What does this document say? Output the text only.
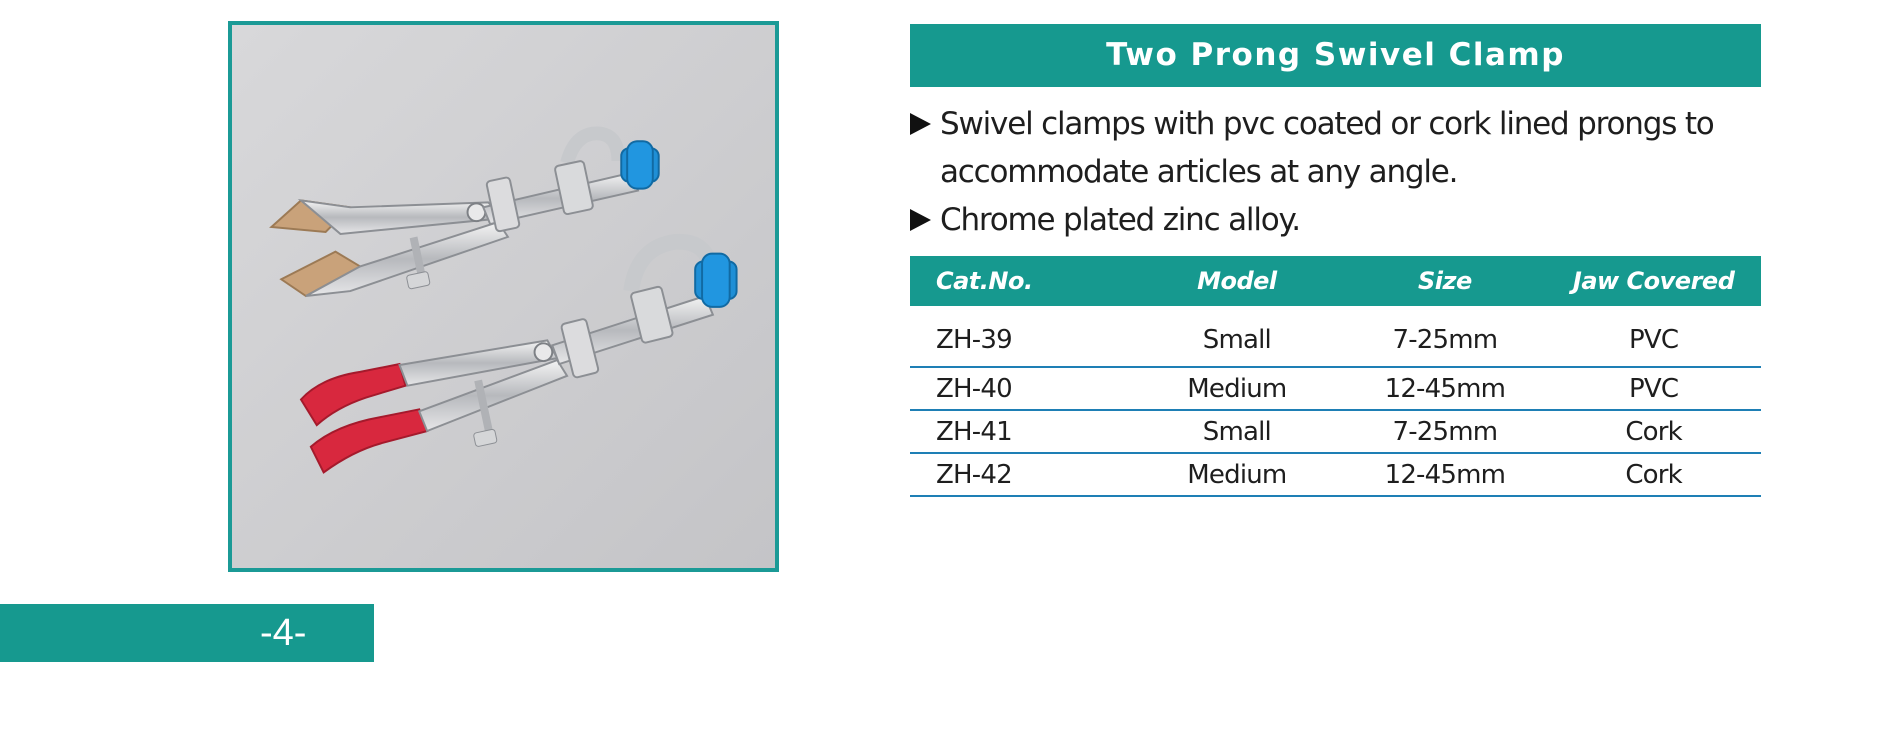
-4-
Two Prong Swivel Clamp
Swivel clamps with pvc coated or cork lined prongs to
accommodate articles at any angle.
Chrome plated zinc alloy.
Cat.No.	Model	Size	Jaw Covered
ZH-39	Small	7-25mm	PVC
ZH-40	Medium	12-45mm	PVC
ZH-41	Small	7-25mm	Cork
ZH-42	Medium	12-45mm	Cork
